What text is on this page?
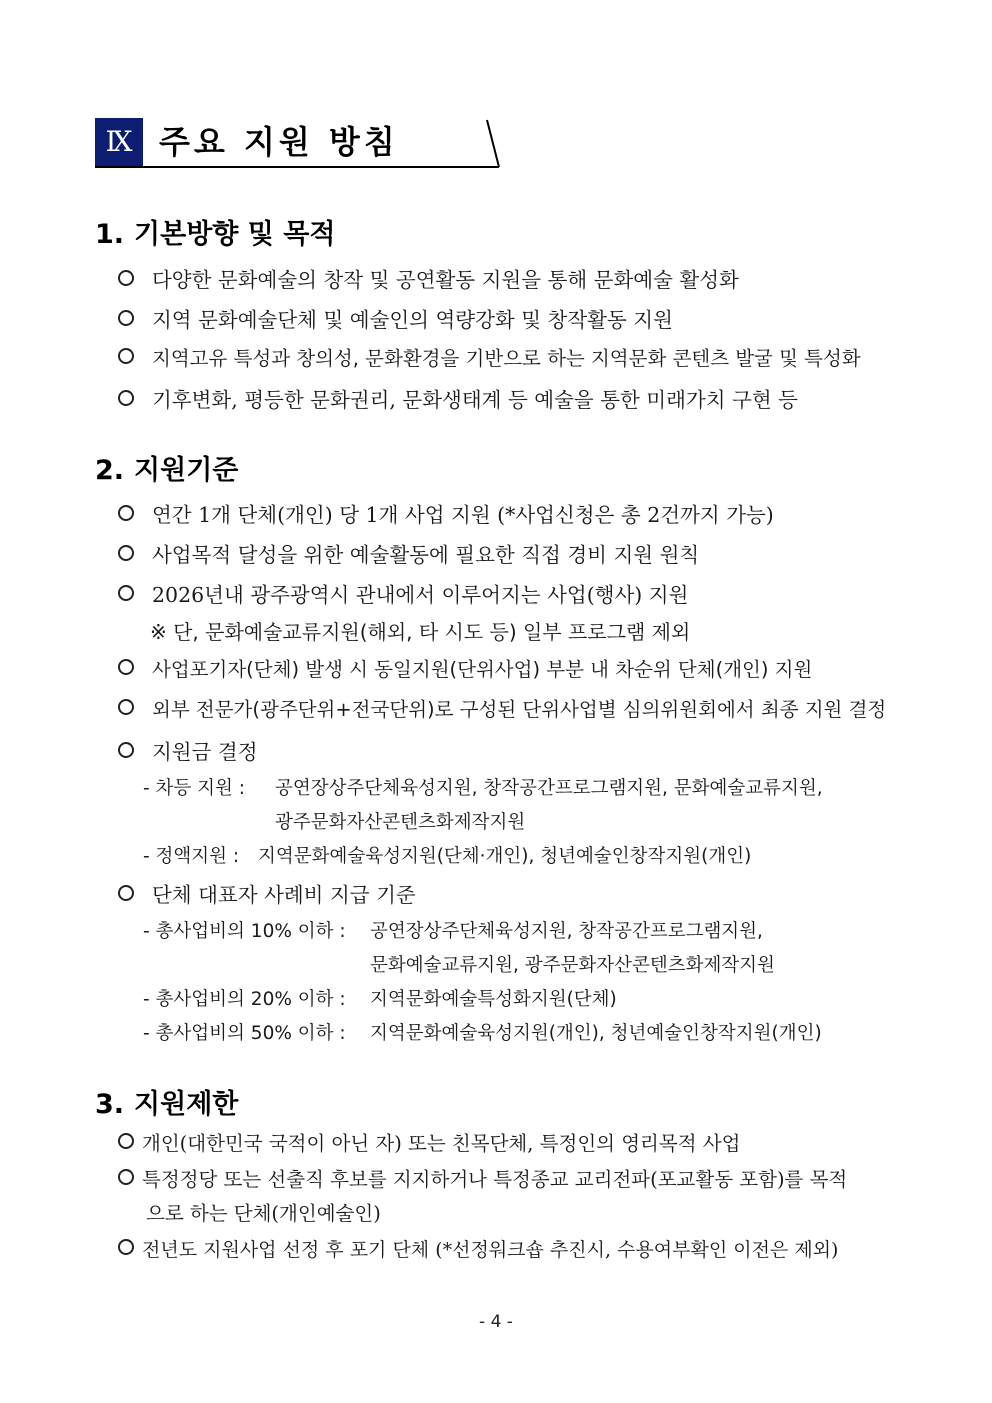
Ⅸ 주요 지원 방침
1. 기본방향 및 목적
다양한 문화예술의 창작 및 공연활동 지원을 통해 문화예술 활성화
지역 문화예술단체 및 예술인의 역량강화 및 창작활동 지원
지역고유 특성과 창의성, 문화환경을 기반으로 하는 지역문화 콘텐츠 발굴 및 특성화
기후변화, 평등한 문화권리, 문화생태계 등 예술을 통한 미래가치 구현 등
2. 지원기준
연간 1개 단체(개인) 당 1개 사업 지원 (*사업신청은 총 2건까지 가능)
사업목적 달성을 위한 예술활동에 필요한 직접 경비 지원 원칙
2026년내 광주광역시 관내에서 이루어지는 사업(행사) 지원
※ 단, 문화예술교류지원(해외, 타 시도 등) 일부 프로그램 제외
사업포기자(단체) 발생 시 동일지원(단위사업) 부분 내 차순위 단체(개인) 지원
외부 전문가(광주단위+전국단위)로 구성된 단위사업별 심의위원회에서 최종 지원 결정
지원금 결정
- 차등 지원 : 공연장상주단체육성지원, 창작공간프로그램지원, 문화예술교류지원,
광주문화자산콘텐츠화제작지원
- 정액지원 : 지역문화예술육성지원(단체·개인), 청년예술인창작지원(개인)
단체 대표자 사례비 지급 기준
- 총사업비의 10% 이하 : 공연장상주단체육성지원, 창작공간프로그램지원,
문화예술교류지원, 광주문화자산콘텐츠화제작지원
- 총사업비의 20% 이하 : 지역문화예술특성화지원(단체)
- 총사업비의 50% 이하 : 지역문화예술육성지원(개인), 청년예술인창작지원(개인)
3. 지원제한
개인(대한민국 국적이 아닌 자) 또는 친목단체, 특정인의 영리목적 사업
특정정당 또는 선출직 후보를 지지하거나 특정종교 교리전파(포교활동 포함)를 목적
으로 하는 단체(개인예술인)
전년도 지원사업 선정 후 포기 단체 (*선정워크숍 추진시, 수용여부확인 이전은 제외)
- 4 -
